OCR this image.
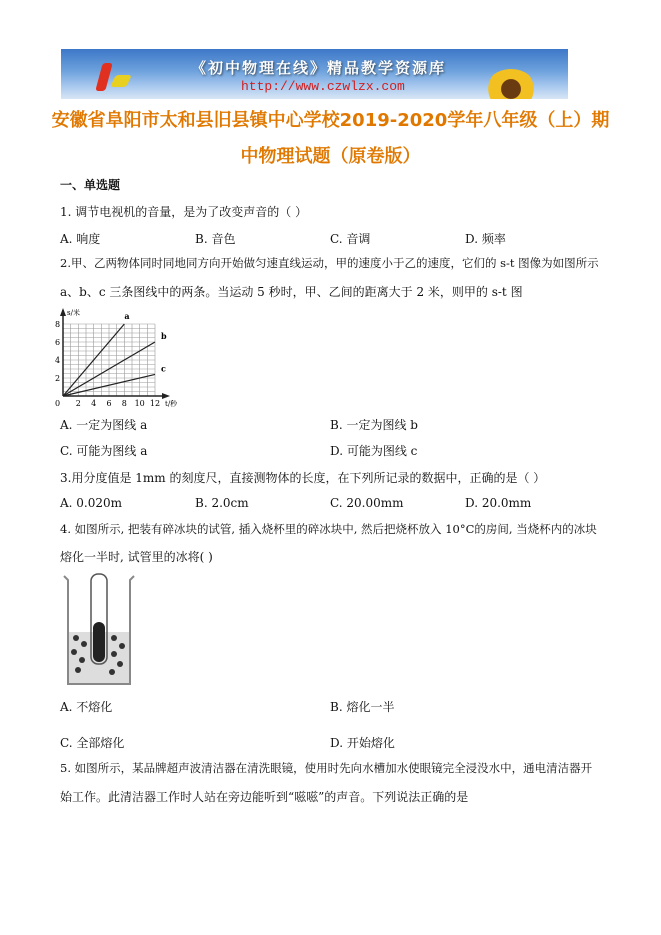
《初中物理在线》精品教学资源库
http://www.czwlzx.com
安徽省阜阳市太和县旧县镇中心学校2019-2020学年八年级（上）期
中物理试题（原卷版）
一、单选题
1. 调节电视机的音量，是为了改变声音的（ ）
A. 响度	B. 音色	C. 音调	D. 频率
2.甲、乙两物体同时同地同方向开始做匀速直线运动，甲的速度小于乙的速度，它们的 s-t 图像为如图所示
a、b、c 三条图线中的两条。当运动 5 秒时，甲、乙间的距离大于 2 米，则甲的 s-t 图
s/米
t/秒
0 2 4 6 8 10 12
2
4
6
8
a
b
c
A. 一定为图线 a	B. 一定为图线 b
C. 可能为图线 a	D. 可能为图线 c
3.用分度值是 1mm 的刻度尺，直接测物体的长度，在下列所记录的数据中，正确的是（ ）
A. 0.020m	B. 2.0cm	C. 20.00mm	D. 20.0mm
4. 如图所示, 把装有碎冰块的试管, 插入烧杯里的碎冰块中, 然后把烧杯放入 10°C的房间, 当烧杯内的冰块
熔化一半时, 试管里的冰将( )
A. 不熔化	B. 熔化一半
C. 全部熔化	D. 开始熔化
5. 如图所示，某品牌超声波清洁器在清洗眼镜，使用时先向水槽加水使眼镜完全浸没水中，通电清洁器开
始工作。此清洁器工作时人站在旁边能听到“嗞嗞”的声音。下列说法正确的是
